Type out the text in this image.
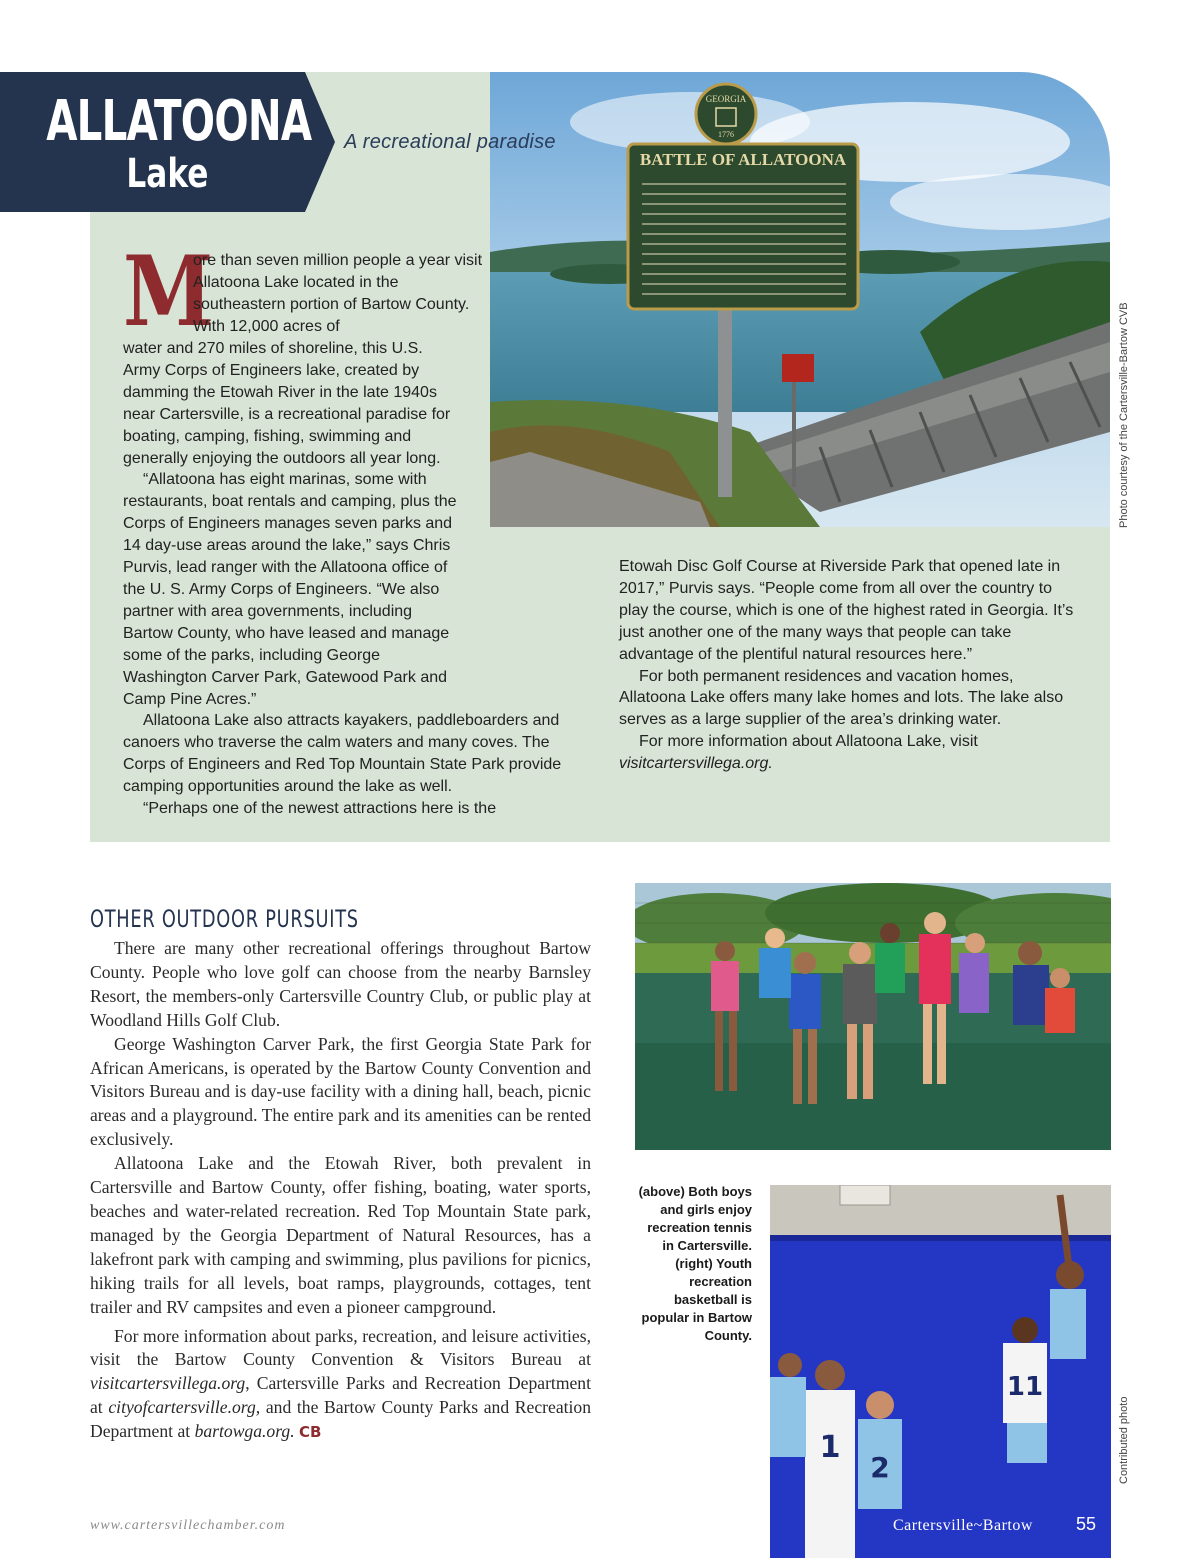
BATTLE OF ALLATOONA
GEORGIA
1776
ALLATOONA
Lake
A recreational paradise
M

ore than seven million people a year visit Allatoona Lake located in the southeastern portion of Bartow County. With 12,000 acres of

water and 270 miles of shoreline, this U.S. Army Corps of Engineers lake, created by damming the Etowah River in the late 1940s near Cartersville, is a recreational paradise for boating, camping, fishing, swimming and generally enjoying the outdoors all year long.

“Allatoona has eight marinas, some with restaurants, boat rentals and camping, plus the Corps of Engineers manages seven parks and 14 day-use areas around the lake,” says Chris Purvis, lead ranger with the Allatoona office of the U. S. Army Corps of Engineers. “We also partner with area governments, including Bartow County, who have leased and manage some of the parks, including George Washington Carver Park, Gatewood Park and Camp Pine Acres.”

Allatoona Lake also attracts kayakers, paddleboarders and canoers who traverse the calm waters and many coves. The Corps of Engineers and Red Top Mountain State Park provide camping opportunities around the lake as well.

“Perhaps one of the newest attractions here is the

Etowah Disc Golf Course at Riverside Park that opened late in 2017,” Purvis says. “People come from all over the country to play the course, which is one of the highest rated in Georgia. It’s just another one of the many ways that people can take advantage of the plentiful natural resources here.”

For both permanent residences and vacation homes, Allatoona Lake offers many lake homes and lots. The lake also serves as a large supplier of the area’s drinking water.

For more information about Allatoona Lake, visit visitcartersvillega.org.

Photo courtesy of the Cartersville-Bartow CVB
OTHER OUTDOOR PURSUITS

There are many other recreational offerings throughout Bartow County. People who love golf can choose from the nearby Barnsley Resort, the members-only Cartersville Country Club, or public play at Woodland Hills Golf Club.

George Washington Carver Park, the first Georgia State Park for African Americans, is operated by the Bartow County Convention and Visitors Bureau and is day-use facility with a dining hall, beach, picnic areas and a playground. The entire park and its amenities can be rented exclusively.

Allatoona Lake and the Etowah River, both prevalent in Cartersville and Bartow County, offer fishing, boating, water sports, beaches and water-related recreation. Red Top Mountain State park, managed by the Georgia Department of Natural Resources, has a lakefront park with camping and swimming, plus pavilions for picnics, hiking trails for all levels, boat ramps, playgrounds, cottages, tent trailer and RV campsites and even a pioneer campground.

For more information about parks, recreation, and leisure activities, visit the Bartow County Convention & Visitors Bureau at visitcartersvillega.org, Cartersville Parks and Recreation Department at cityofcartersville.org, and the Bartow County Parks and Recreation Department at bartowga.org. CB

(above) Both boys and girls enjoy recreation tennis in Cartersville. (right) Youth recreation basketball is popular in Bartow County.
11
1
2	Contributed photo
www.cartersvillechamber.com	Cartersville~Bartow 55
